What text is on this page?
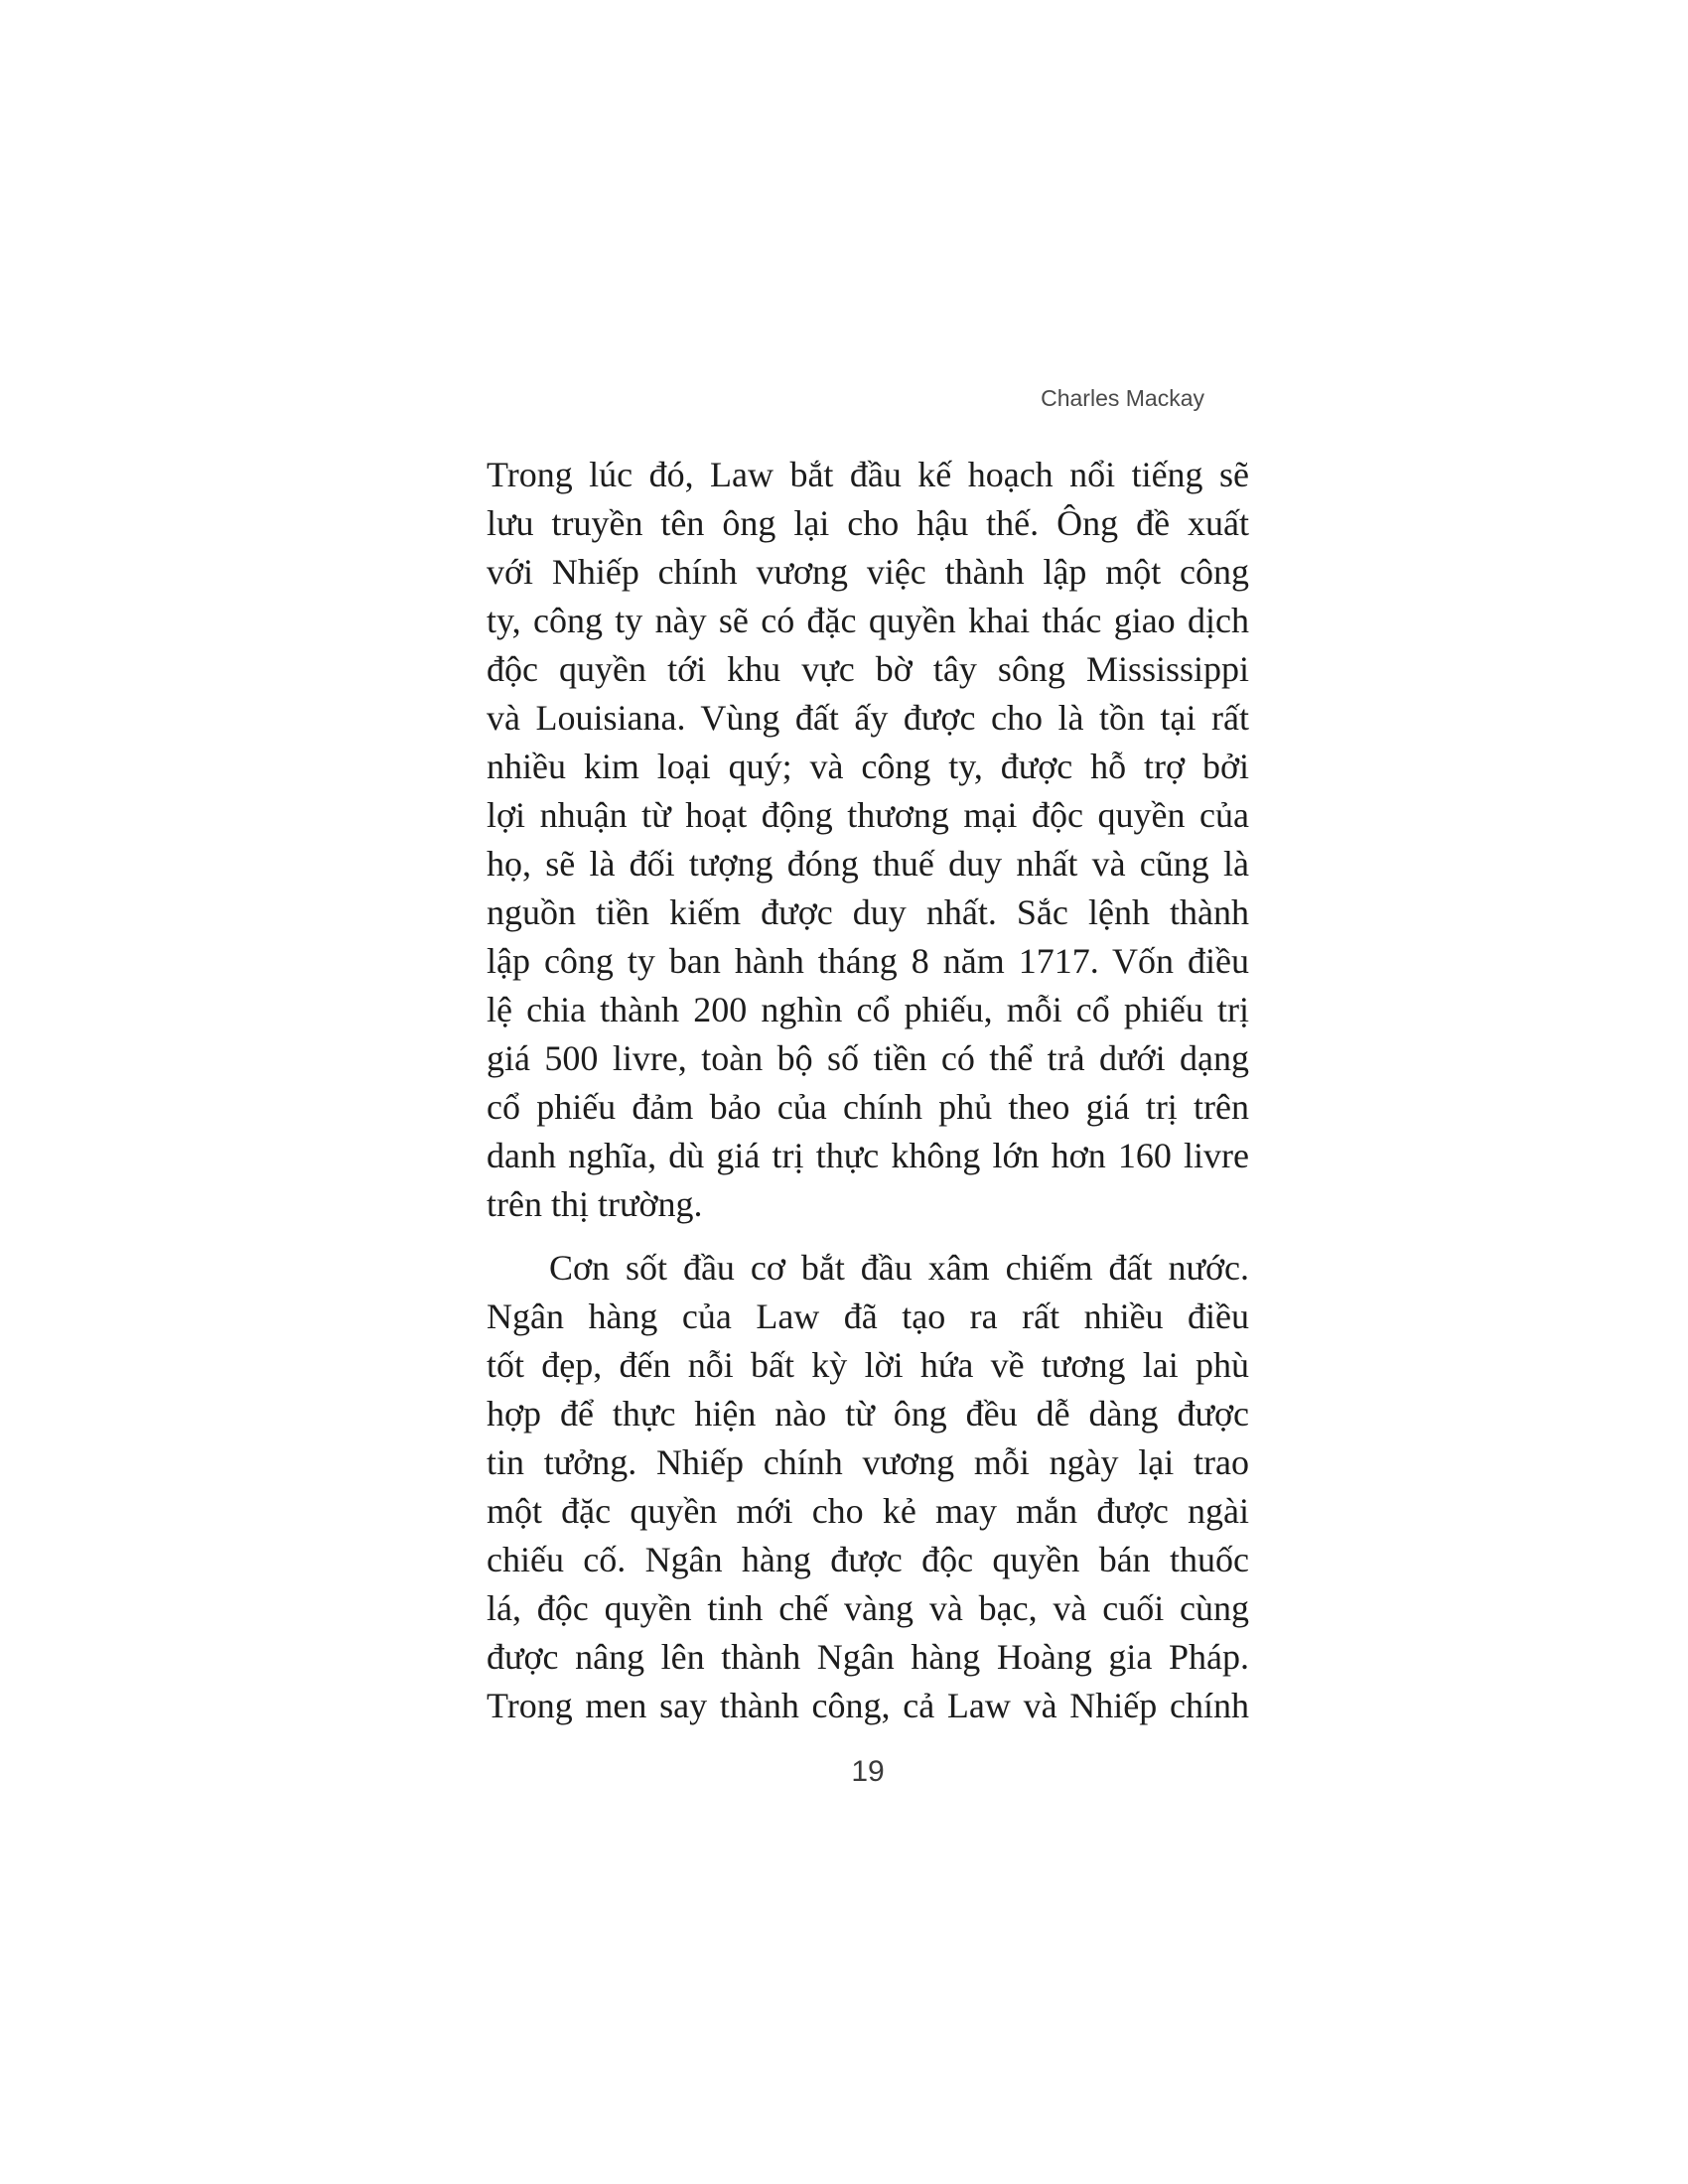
Charles Mackay
Trong lúc đó, Law bắt đầu kế hoạch nổi tiếng sẽ
lưu truyền tên ông lại cho hậu thế. Ông đề xuất
với Nhiếp chính vương việc thành lập một công
ty, công ty này sẽ có đặc quyền khai thác giao dịch
độc quyền tới khu vực bờ tây sông Mississippi
và Louisiana. Vùng đất ấy được cho là tồn tại rất
nhiều kim loại quý; và công ty, được hỗ trợ bởi
lợi nhuận từ hoạt động thương mại độc quyền của
họ, sẽ là đối tượng đóng thuế duy nhất và cũng là
nguồn tiền kiếm được duy nhất. Sắc lệnh thành
lập công ty ban hành tháng 8 năm 1717. Vốn điều
lệ chia thành 200 nghìn cổ phiếu, mỗi cổ phiếu trị
giá 500 livre, toàn bộ số tiền có thể trả dưới dạng
cổ phiếu đảm bảo của chính phủ theo giá trị trên
danh nghĩa, dù giá trị thực không lớn hơn 160 livre
trên thị trường.
Cơn sốt đầu cơ bắt đầu xâm chiếm đất nước.
Ngân hàng của Law đã tạo ra rất nhiều điều
tốt đẹp, đến nỗi bất kỳ lời hứa về tương lai phù
hợp để thực hiện nào từ ông đều dễ dàng được
tin tưởng. Nhiếp chính vương mỗi ngày lại trao
một đặc quyền mới cho kẻ may mắn được ngài
chiếu cố. Ngân hàng được độc quyền bán thuốc
lá, độc quyền tinh chế vàng và bạc, và cuối cùng
được nâng lên thành Ngân hàng Hoàng gia Pháp.
Trong men say thành công, cả Law và Nhiếp chính
19
